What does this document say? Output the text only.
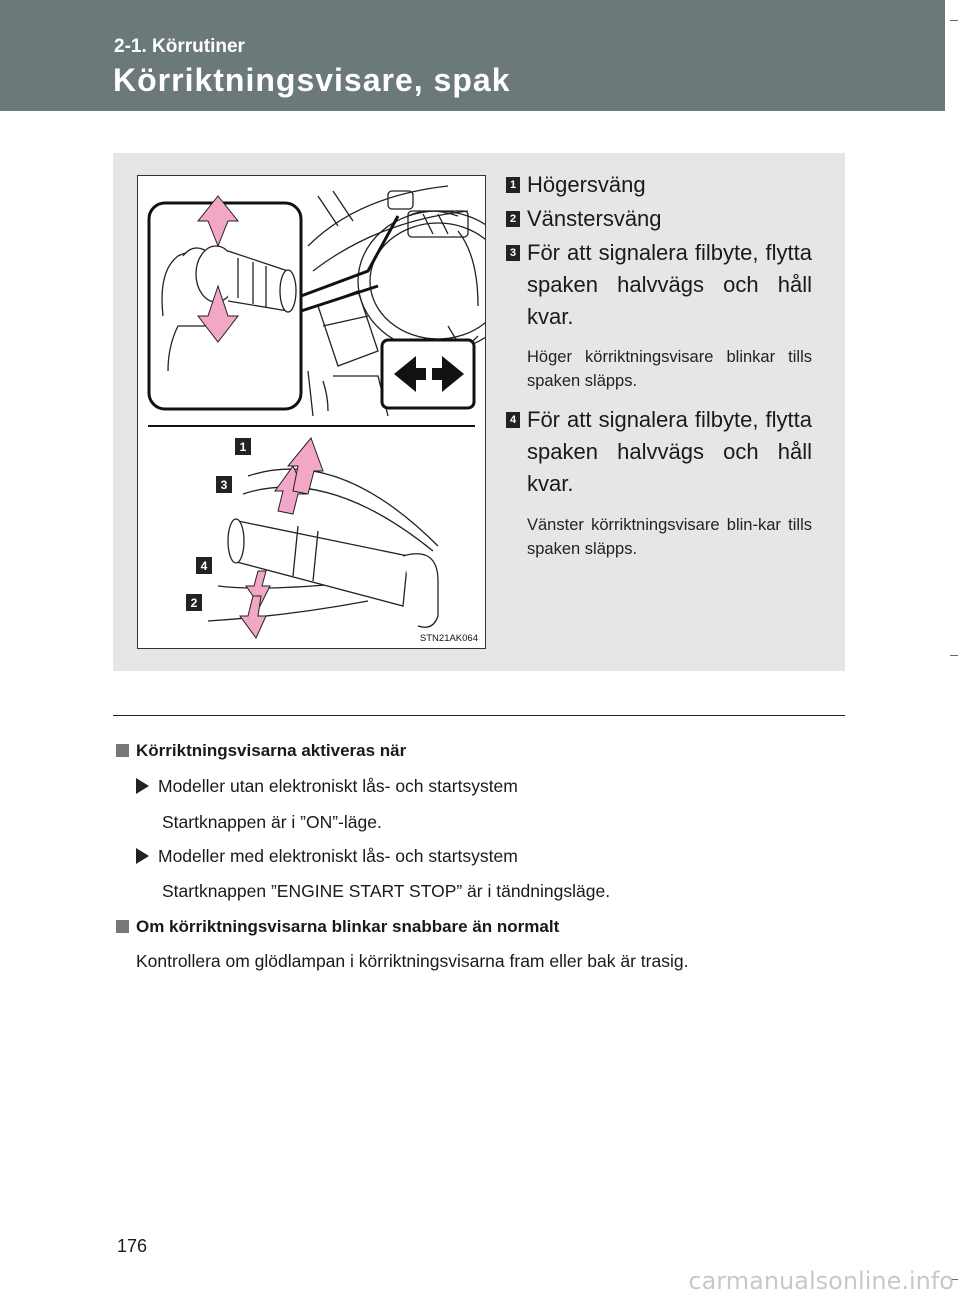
2-1. Körrutiner
Körriktningsvisare, spak
1
3
4
2
STN21AK064
1 Högersväng
2 Vänstersväng
3 För att signalera filbyte, flytta spaken halvvägs och håll kvar.
Höger körriktningsvisare blinkar tills spaken släpps.
4 För att signalera filbyte, flytta spaken halvvägs och håll kvar.
Vänster körriktningsvisare blin-kar tills spaken släpps.
Körriktningsvisarna aktiveras när
Modeller utan elektroniskt lås- och startsystem
Startknappen är i ”ON”-läge.
Modeller med elektroniskt lås- och startsystem
Startknappen ”ENGINE START STOP” är i tändningsläge.
Om körriktningsvisarna blinkar snabbare än normalt
Kontrollera om glödlampan i körriktningsvisarna fram eller bak är trasig.
176
carmanualsonline.info
